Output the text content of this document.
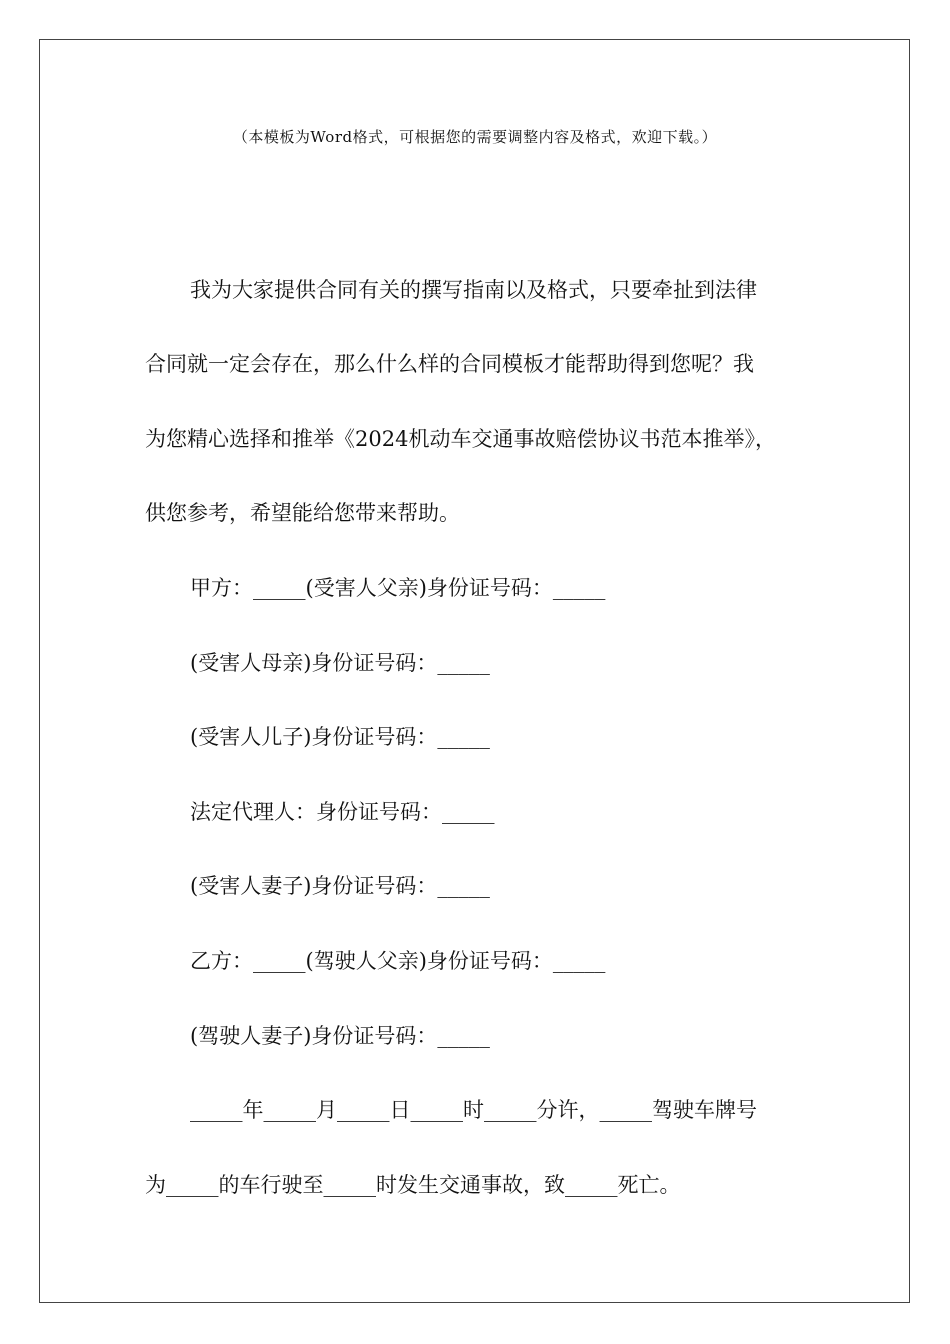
（本模板为Word格式，可根据您的需要调整内容及格式，欢迎下载。）
我为大家提供合同有关的撰写指南以及格式，只要牵扯到法律
合同就一定会存在，那么什么样的合同模板才能帮助得到您呢？我
为您精心选择和推举《2024机动车交通事故赔偿协议书范本推举》，
供您参考，希望能给您带来帮助。
甲方：_____(受害人父亲)身份证号码：_____
(受害人母亲)身份证号码：_____
(受害人儿子)身份证号码：_____
法定代理人：身份证号码：_____
(受害人妻子)身份证号码：_____
乙方：_____(驾驶人父亲)身份证号码：_____
(驾驶人妻子)身份证号码：_____
_____年_____月_____日_____时_____分许，_____驾驶车牌号
为_____的车行驶至_____时发生交通事故，致_____死亡。
